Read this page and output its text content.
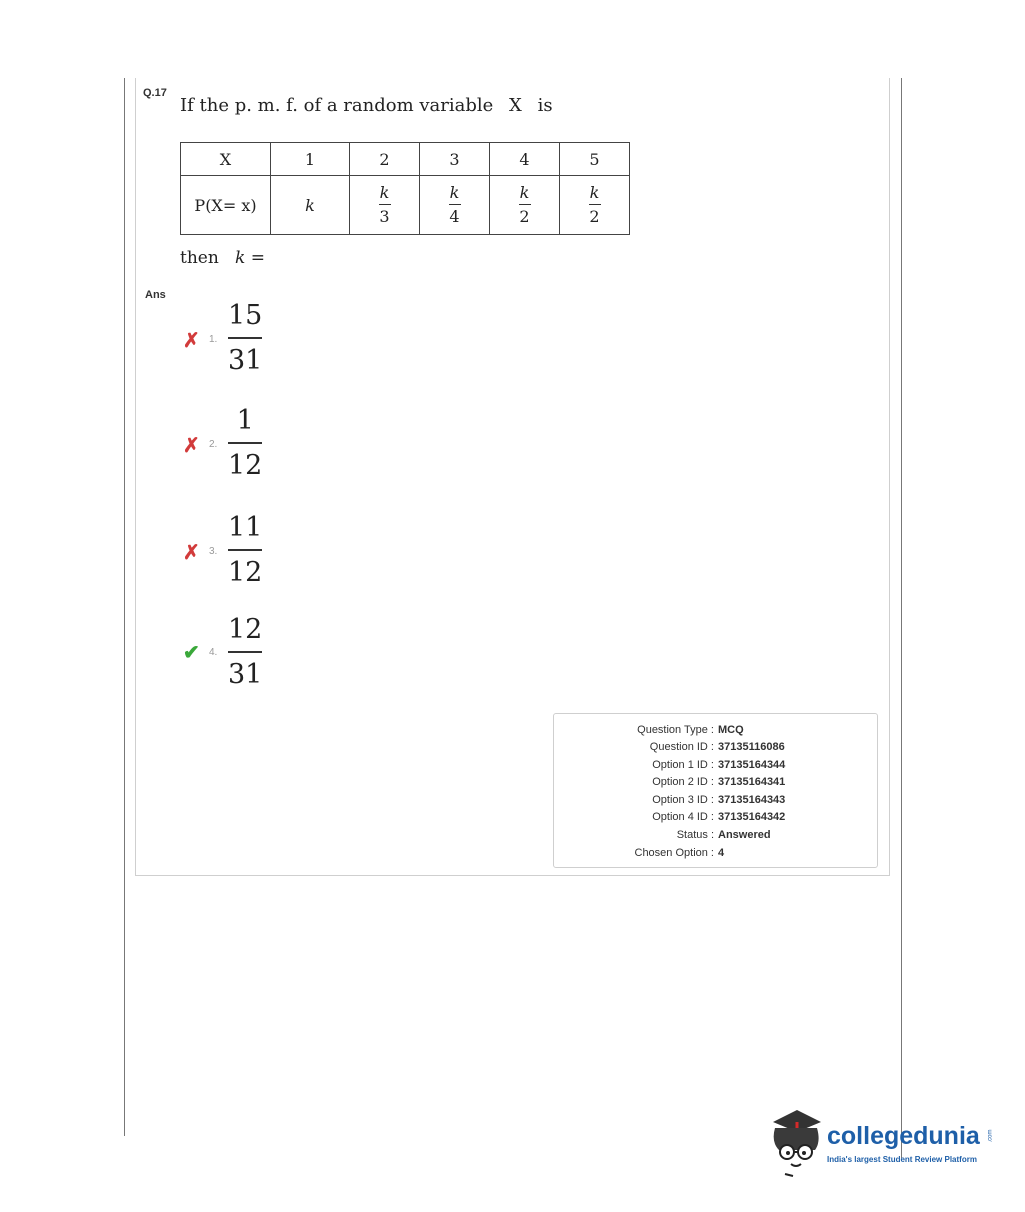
Q.17
If the p. m. f. of a random variable X is
X	1	2	3	4	5
P(X= x)	k	$\frac{k}{3}$	$\frac{k}{4}$	$\frac{k}{2}$	$\frac{k}{2}$
then k =
Ans
✗ 1.
15
31
✗ 2.
1
12
✗ 3.
11
12
✔ 4.
12
31
Question Type : MCQ
Question ID : 37135116086
Option 1 ID : 37135164344
Option 2 ID : 37135164341
Option 3 ID : 37135164343
Option 4 ID : 37135164342
Status : Answered
Chosen Option : 4
collegedunia .com
India's largest Student Review Platform
